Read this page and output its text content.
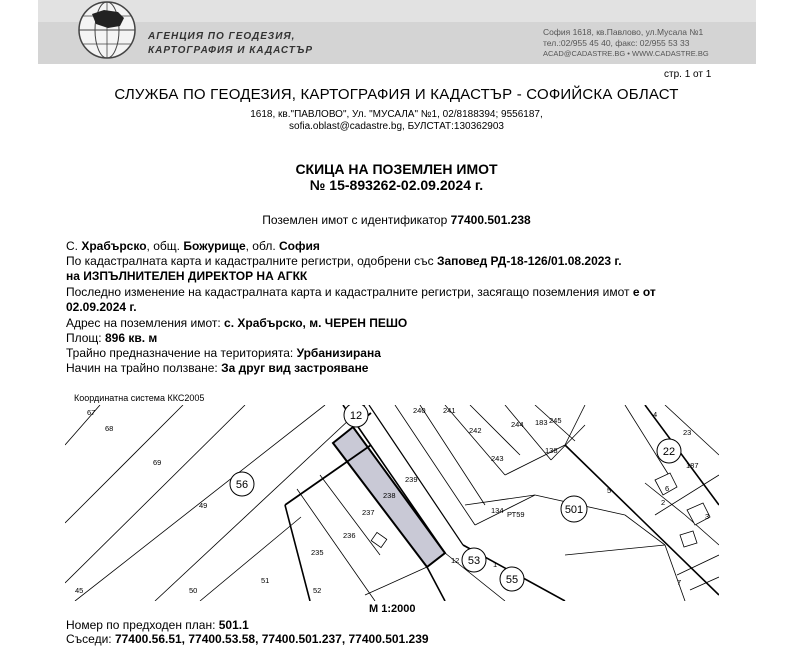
АГЕНЦИЯ ПО ГЕОДЕЗИЯ,
КАРТОГРАФИЯ И КАДАСТЪР
София 1618, кв.Павлово, ул.Мусала №1
тел.:02/955 45 40, факс: 02/955 53 33
ACAD@CADASTRE.BG • WWW.CADASTRE.BG
стр. 1 от 1
СЛУЖБА ПО ГЕОДЕЗИЯ, КАРТОГРАФИЯ И КАДАСТЪР - СОФИЙСКА ОБЛАСТ
1618, кв."ПАВЛОВО", Ул. "МУСАЛА" №1, 02/8188394; 9556187,
sofia.oblast@cadastre.bg, БУЛСТАТ:130362903
СКИЦА НА ПОЗЕМЛЕН ИМОТ
№ 15-893262-02.09.2024 г.
Поземлен имот с идентификатор 77400.501.238
С. Храбърско, общ. Божурище, обл. София
По кадастралната карта и кадастралните регистри, одобрени със Заповед РД-18-126/01.08.2023 г.
на ИЗПЪЛНИТЕЛЕН ДИРЕКТОР НА АГКК
Последно изменение на кадастралната карта и кадастралните регистри, засягащо поземления имот е от
02.09.2024 г.
Адрес на поземления имот: с. Храбърско, м. ЧЕРЕН ПЕШО
Площ: 896 кв. м
Трайно предназначение на територията: Урбанизирана
Начин на трайно ползване: За друг вид застрояване
Координатна система ККС2005
67
68
69
49
45	50
51
52
235
236
237
238
239
240 241
242
243
244 183 245
138
134 РТ59
1
5
4
23
187
6
2
3
7
12
56
12
53
55
501
22
М 1:2000
Номер по предходен план: 501.1
Съседи: 77400.56.51, 77400.53.58, 77400.501.237, 77400.501.239
